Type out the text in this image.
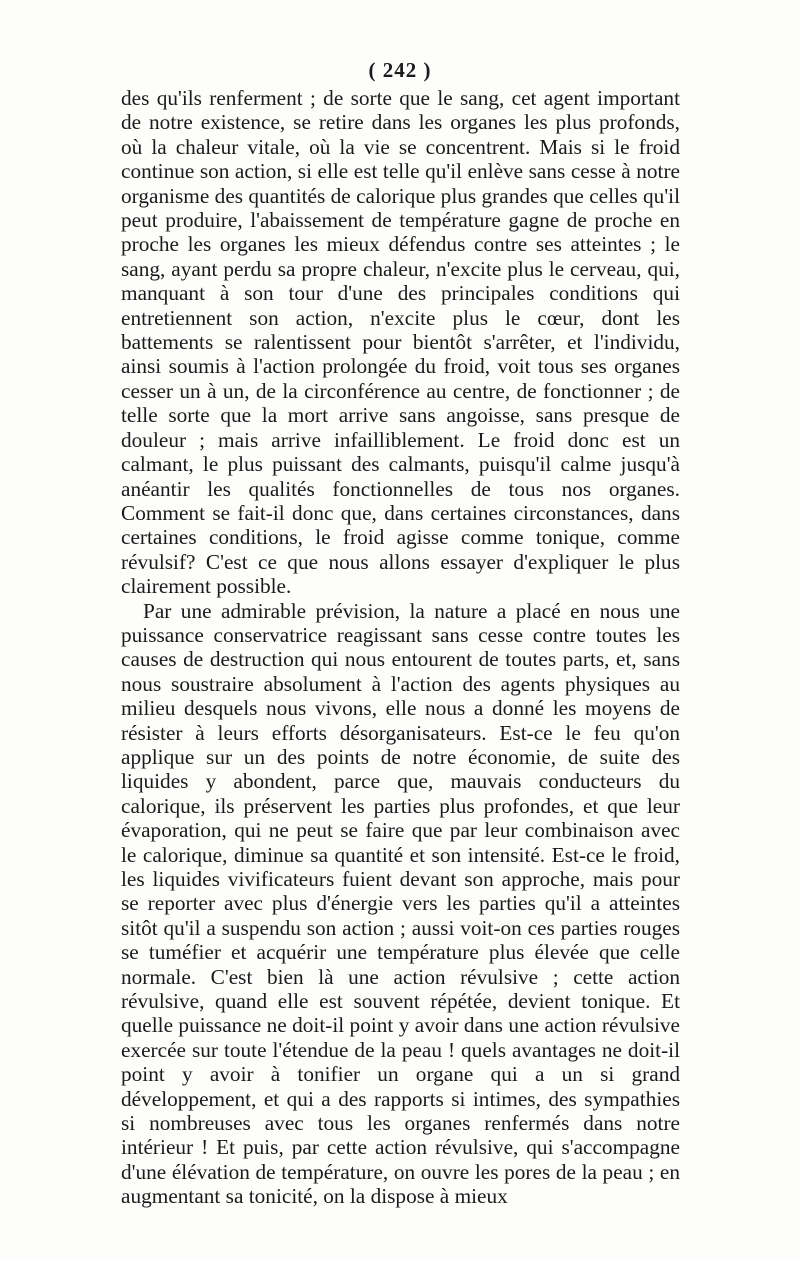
( 242 )

des qu'ils renferment ; de sorte que le sang, cet agent important de notre existence, se retire dans les organes les plus profonds, où la chaleur vitale, où la vie se concentrent. Mais si le froid continue son action, si elle est telle qu'il enlève sans cesse à notre organisme des quantités de calorique plus grandes que celles qu'il peut produire, l'abaissement de température gagne de proche en proche les organes les mieux défendus contre ses atteintes ; le sang, ayant perdu sa propre chaleur, n'excite plus le cerveau, qui, manquant à son tour d'une des principales conditions qui entretiennent son action, n'excite plus le cœur, dont les battements se ralentissent pour bientôt s'arrêter, et l'individu, ainsi soumis à l'action prolongée du froid, voit tous ses organes cesser un à un, de la circonférence au centre, de fonctionner ; de telle sorte que la mort arrive sans angoisse, sans presque de douleur ; mais arrive infailliblement. Le froid donc est un calmant, le plus puissant des calmants, puisqu'il calme jusqu'à anéantir les qualités fonctionnelles de tous nos organes. Comment se fait-il donc que, dans certaines circonstances, dans certaines conditions, le froid agisse comme tonique, comme révulsif? C'est ce que nous allons essayer d'expliquer le plus clairement possible.

Par une admirable prévision, la nature a placé en nous une puissance conservatrice reagissant sans cesse contre toutes les causes de destruction qui nous entourent de toutes parts, et, sans nous soustraire absolument à l'action des agents physiques au milieu desquels nous vivons, elle nous a donné les moyens de résister à leurs efforts désorganisateurs. Est-ce le feu qu'on applique sur un des points de notre économie, de suite des liquides y abondent, parce que, mauvais conducteurs du calorique, ils préservent les parties plus profondes, et que leur évaporation, qui ne peut se faire que par leur combinaison avec le calorique, diminue sa quantité et son intensité. Est-ce le froid, les liquides vivificateurs fuient devant son approche, mais pour se reporter avec plus d'énergie vers les parties qu'il a atteintes sitôt qu'il a suspendu son action ; aussi voit-on ces parties rouges se tuméfier et acquérir une température plus élevée que celle normale. C'est bien là une action révulsive ; cette action révulsive, quand elle est souvent répétée, devient tonique. Et quelle puissance ne doit-il point y avoir dans une action révulsive exercée sur toute l'étendue de la peau ! quels avantages ne doit-il point y avoir à tonifier un organe qui a un si grand développement, et qui a des rapports si intimes, des sympathies si nombreuses avec tous les organes renfermés dans notre intérieur ! Et puis, par cette action révulsive, qui s'accompagne d'une élévation de température, on ouvre les pores de la peau ; en augmentant sa tonicité, on la dispose à mieux
